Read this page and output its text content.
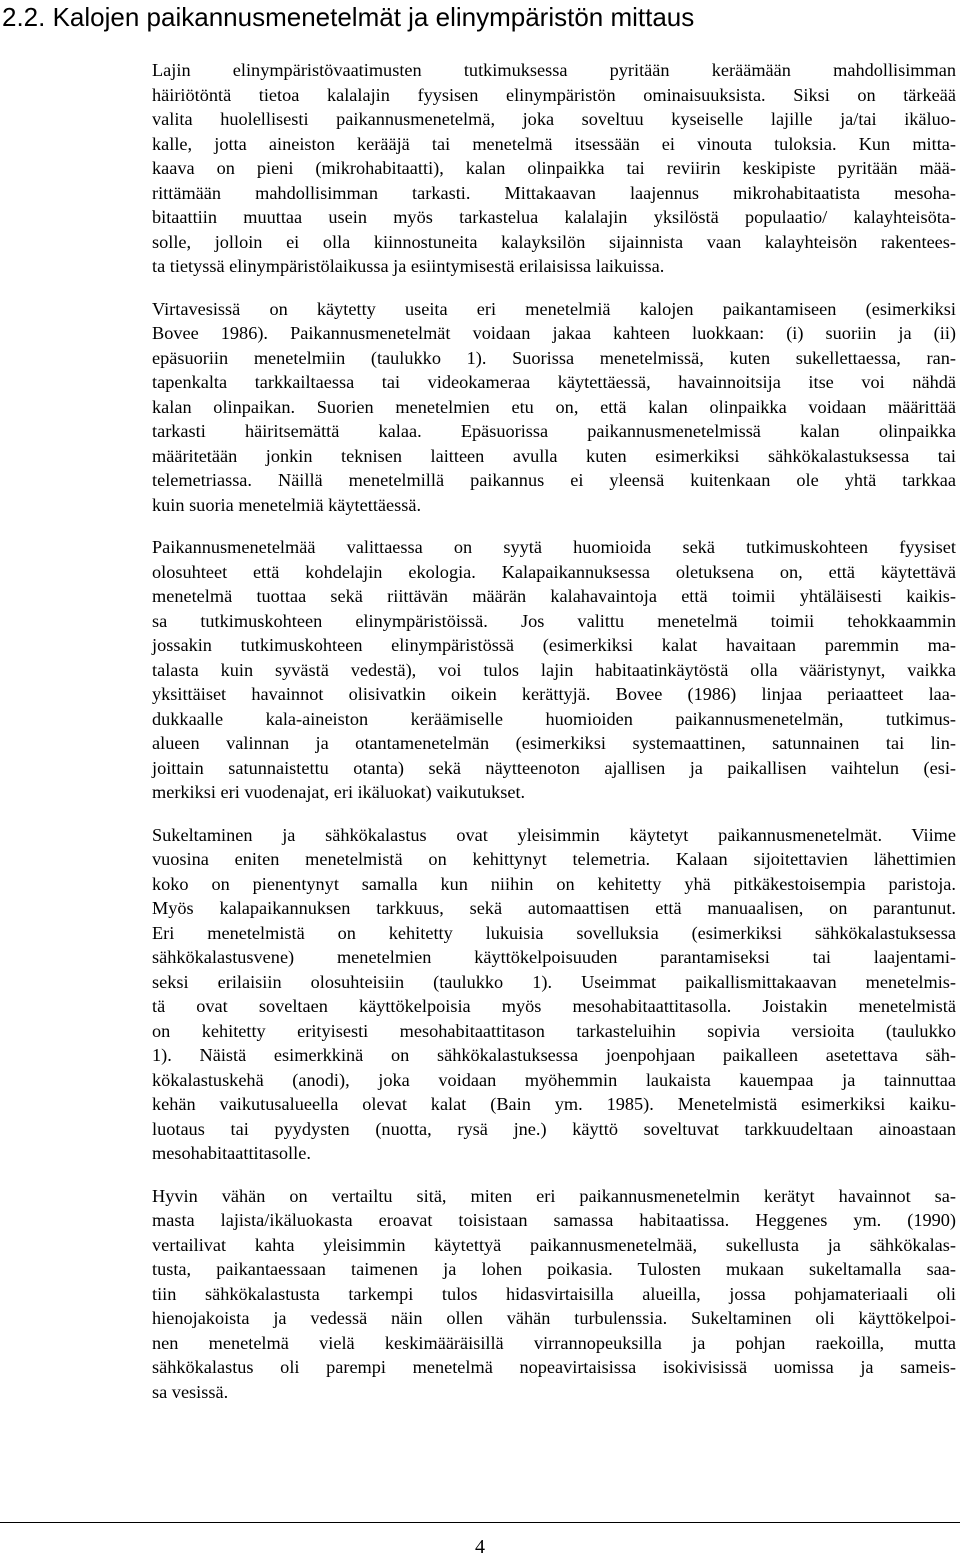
2.2. Kalojen paikannusmenetelmät ja elinympäristön mittaus
Lajin elinympäristövaatimusten tutkimuksessa pyritään keräämään mahdollisimman
häiriötöntä tietoa kalalajin fyysisen elinympäristön ominaisuuksista. Siksi on tärkeää
valita huolellisesti paikannusmenetelmä, joka soveltuu kyseiselle lajille ja/tai ikäluo-
kalle, jotta aineiston kerääjä tai menetelmä itsessään ei vinouta tuloksia. Kun mitta-
kaava on pieni (mikrohabitaatti), kalan olinpaikka tai reviirin keskipiste pyritään mää-
rittämään mahdollisimman tarkasti. Mittakaavan laajennus mikrohabitaatista mesoha-
bitaattiin muuttaa usein myös tarkastelua kalalajin yksilöstä populaatio/ kalayhteisöta-
solle, jolloin ei olla kiinnostuneita kalayksilön sijainnista vaan kalayhteisön rakentees-
ta tietyssä elinympäristölaikussa ja esiintymisestä erilaisissa laikuissa.
Virtavesissä on käytetty useita eri menetelmiä kalojen paikantamiseen (esimerkiksi
Bovee 1986). Paikannusmenetelmät voidaan jakaa kahteen luokkaan: (i) suoriin ja (ii)
epäsuoriin menetelmiin (taulukko 1). Suorissa menetelmissä, kuten sukellettaessa, ran-
tapenkalta tarkkailtaessa tai videokameraa käytettäessä, havainnoitsija itse voi nähdä
kalan olinpaikan. Suorien menetelmien etu on, että kalan olinpaikka voidaan määrittää
tarkasti häiritsemättä kalaa. Epäsuorissa paikannusmenetelmissä kalan olinpaikka
määritetään jonkin teknisen laitteen avulla kuten esimerkiksi sähkökalastuksessa tai
telemetriassa. Näillä menetelmillä paikannus ei yleensä kuitenkaan ole yhtä tarkkaa
kuin suoria menetelmiä käytettäessä.
Paikannusmenetelmää valittaessa on syytä huomioida sekä tutkimuskohteen fyysiset
olosuhteet että kohdelajin ekologia. Kalapaikannuksessa oletuksena on, että käytettävä
menetelmä tuottaa sekä riittävän määrän kalahavaintoja että toimii yhtäläisesti kaikis-
sa tutkimuskohteen elinympäristöissä. Jos valittu menetelmä toimii tehokkaammin
jossakin tutkimuskohteen elinympäristössä (esimerkiksi kalat havaitaan paremmin ma-
talasta kuin syvästä vedestä), voi tulos lajin habitaatinkäytöstä olla vääristynyt, vaikka
yksittäiset havainnot olisivatkin oikein kerättyjä. Bovee (1986) linjaa periaatteet laa-
dukkaalle kala-aineiston keräämiselle huomioiden paikannusmenetelmän, tutkimus-
alueen valinnan ja otantamenetelmän (esimerkiksi systemaattinen, satunnainen tai lin-
joittain satunnaistettu otanta) sekä näytteenoton ajallisen ja paikallisen vaihtelun (esi-
merkiksi eri vuodenajat, eri ikäluokat) vaikutukset.
Sukeltaminen ja sähkökalastus ovat yleisimmin käytetyt paikannusmenetelmät. Viime
vuosina eniten menetelmistä on kehittynyt telemetria. Kalaan sijoitettavien lähettimien
koko on pienentynyt samalla kun niihin on kehitetty yhä pitkäkestoisempia paristoja.
Myös kalapaikannuksen tarkkuus, sekä automaattisen että manuaalisen, on parantunut.
Eri menetelmistä on kehitetty lukuisia sovelluksia (esimerkiksi sähkökalastuksessa
sähkökalastusvene) menetelmien käyttökelpoisuuden parantamiseksi tai laajentami-
seksi erilaisiin olosuhteisiin (taulukko 1). Useimmat paikallismittakaavan menetelmis-
tä ovat soveltaen käyttökelpoisia myös mesohabitaattitasolla. Joistakin menetelmistä
on kehitetty erityisesti mesohabitaattitason tarkasteluihin sopivia versioita (taulukko
1). Näistä esimerkkinä on sähkökalastuksessa joenpohjaan paikalleen asetettava säh-
kökalastuskehä (anodi), joka voidaan myöhemmin laukaista kauempaa ja tainnuttaa
kehän vaikutusalueella olevat kalat (Bain ym. 1985). Menetelmistä esimerkiksi kaiku-
luotaus tai pyydysten (nuotta, rysä jne.) käyttö soveltuvat tarkkuudeltaan ainoastaan
mesohabitaattitasolle.
Hyvin vähän on vertailtu sitä, miten eri paikannusmenetelmin kerätyt havainnot sa-
masta lajista/ikäluokasta eroavat toisistaan samassa habitaatissa. Heggenes ym. (1990)
vertailivat kahta yleisimmin käytettyä paikannusmenetelmää, sukellusta ja sähkökalas-
tusta, paikantaessaan taimenen ja lohen poikasia. Tulosten mukaan sukeltamalla saa-
tiin sähkökalastusta tarkempi tulos hidasvirtaisilla alueilla, jossa pohjamateriaali oli
hienojakoista ja vedessä näin ollen vähän turbulenssia. Sukeltaminen oli käyttökelpoi-
nen menetelmä vielä keskimääräisillä virrannopeuksilla ja pohjan raekoilla, mutta
sähkökalastus oli parempi menetelmä nopeavirtaisissa isokivisissä uomissa ja sameis-
sa vesissä.
4
